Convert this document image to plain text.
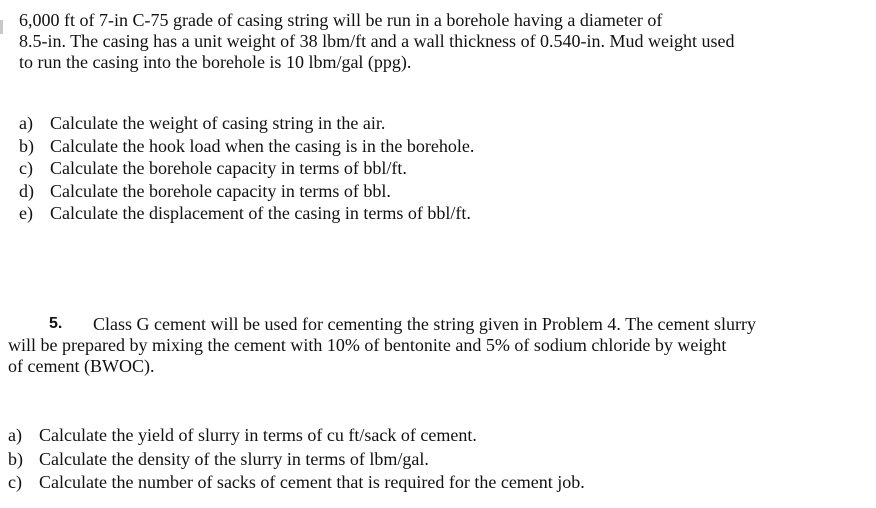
6,000 ft of 7-in C-75 grade of casing string will be run in a borehole having a diameter of
8.5-in. The casing has a unit weight of 38 lbm/ft and a wall thickness of 0.540-in. Mud weight used
to run the casing into the borehole is 10 lbm/gal (ppg).
a) Calculate the weight of casing string in the air.
b) Calculate the hook load when the casing is in the borehole.
c) Calculate the borehole capacity in terms of bbl/ft.
d) Calculate the borehole capacity in terms of bbl.
e) Calculate the displacement of the casing in terms of bbl/ft.
5. Class G cement will be used for cementing the string given in Problem 4. The cement slurry
will be prepared by mixing the cement with 10% of bentonite and 5% of sodium chloride by weight
of cement (BWOC).
a) Calculate the yield of slurry in terms of cu ft/sack of cement.
b) Calculate the density of the slurry in terms of lbm/gal.
c) Calculate the number of sacks of cement that is required for the cement job.
